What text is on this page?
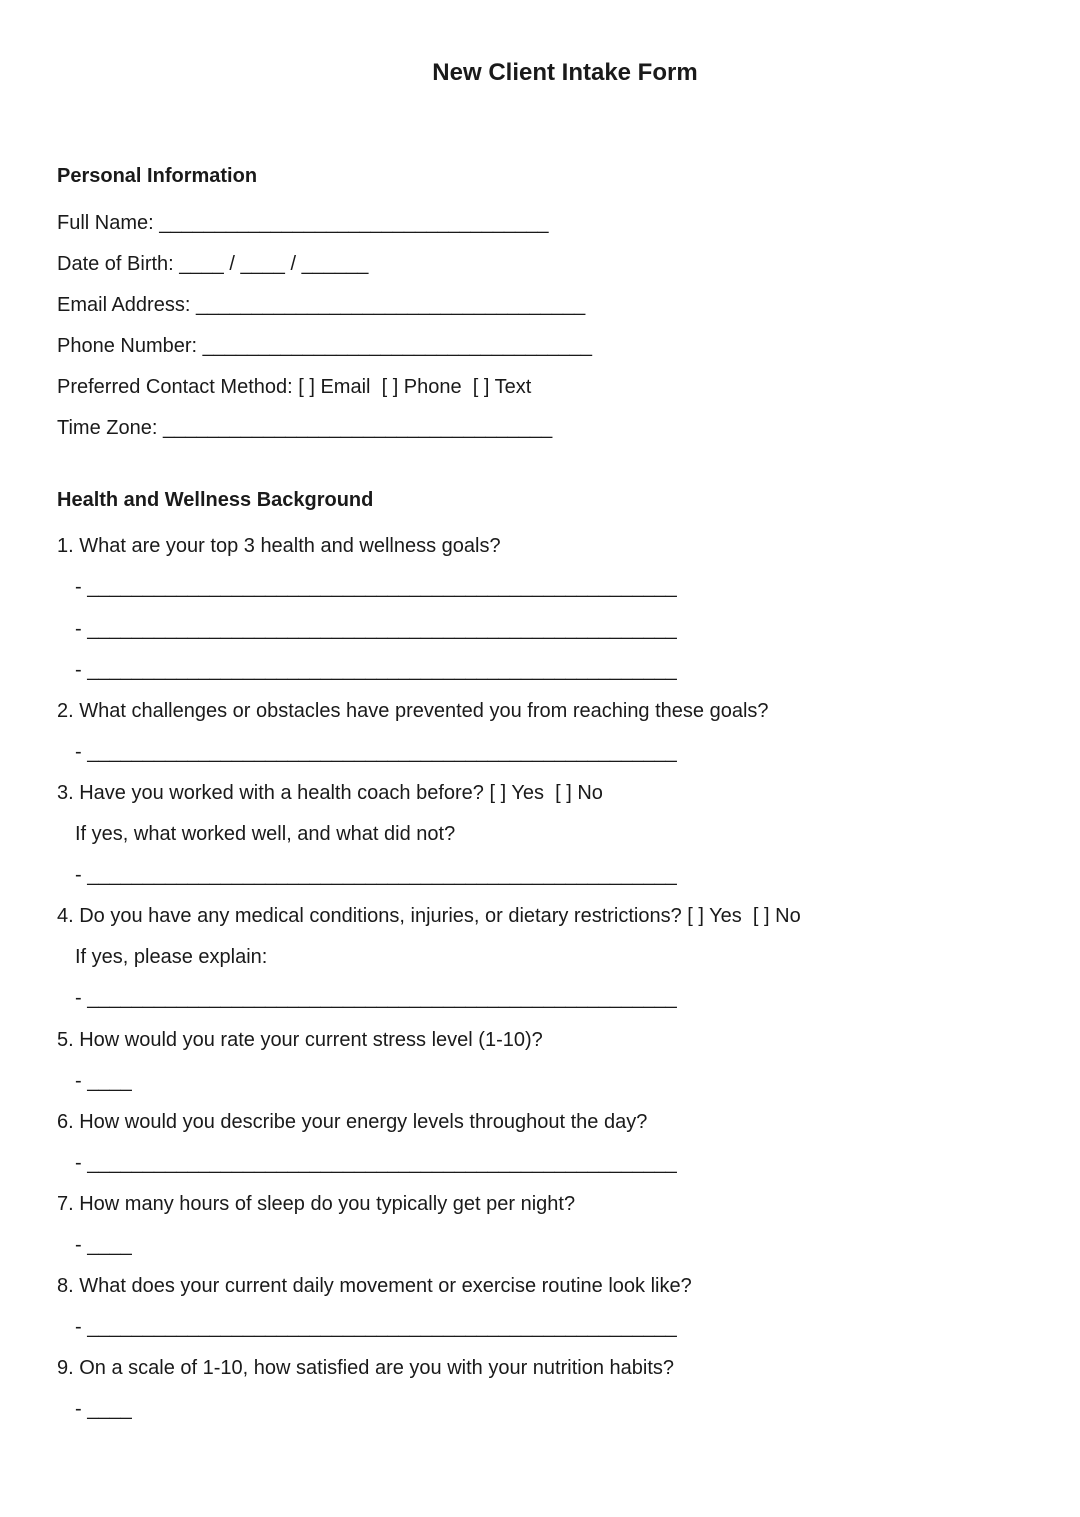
New Client Intake Form
Personal Information

Full Name: ___________________________________

Date of Birth: ____ / ____ / ______

Email Address: ___________________________________

Phone Number: ___________________________________

Preferred Contact Method: [ ] Email  [ ] Phone  [ ] Text

Time Zone: ___________________________________

Health and Wellness Background

1. What are your top 3 health and wellness goals?

- _____________________________________________________

- _____________________________________________________

- _____________________________________________________

2. What challenges or obstacles have prevented you from reaching these goals?

- _____________________________________________________

3. Have you worked with a health coach before? [ ] Yes  [ ] No

If yes, what worked well, and what did not?

- _____________________________________________________

4. Do you have any medical conditions, injuries, or dietary restrictions? [ ] Yes  [ ] No

If yes, please explain:

- _____________________________________________________

5. How would you rate your current stress level (1-10)?

- ____

6. How would you describe your energy levels throughout the day?

- _____________________________________________________

7. How many hours of sleep do you typically get per night?

- ____

8. What does your current daily movement or exercise routine look like?

- _____________________________________________________

9. On a scale of 1-10, how satisfied are you with your nutrition habits?

- ____
